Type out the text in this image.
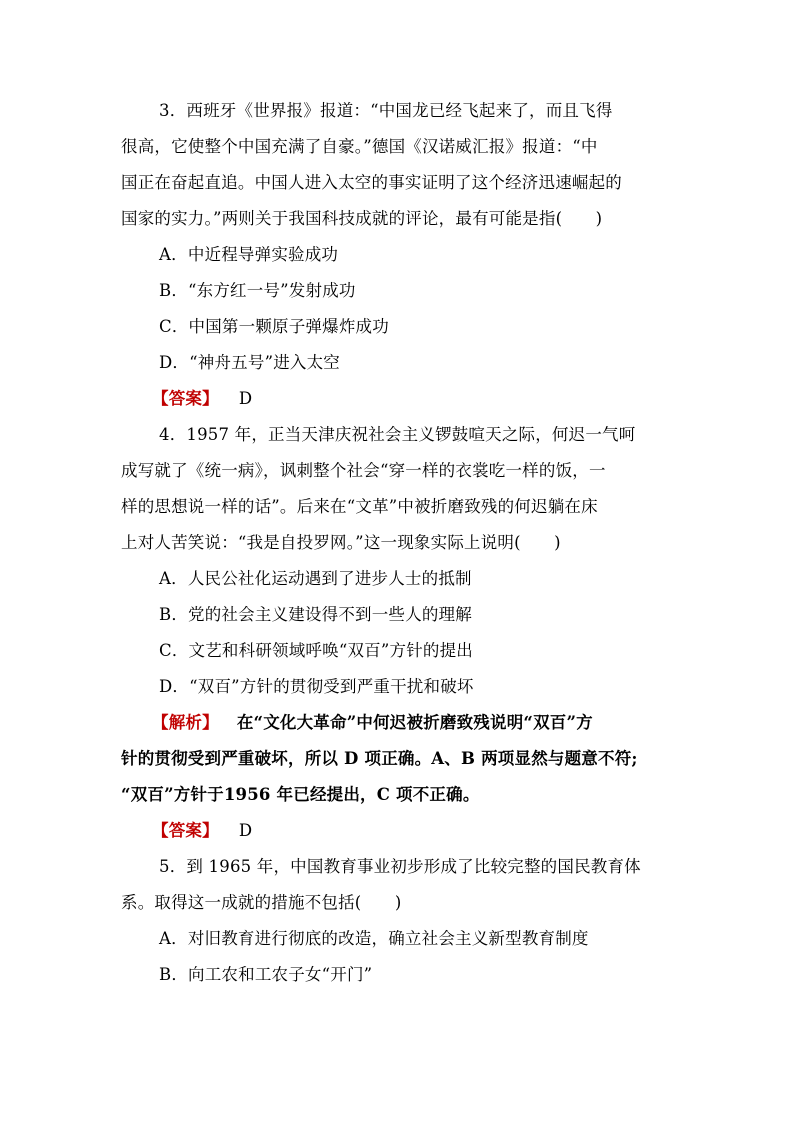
3．西班牙《世界报》报道：“中国龙已经飞起来了，而且飞得
很高，它使整个中国充满了自豪。”德国《汉诺威汇报》报道：“中
国正在奋起直追。中国人进入太空的事实证明了这个经济迅速崛起的
国家的实力。”两则关于我国科技成就的评论，最有可能是指(　　)
A．中近程导弹实验成功
B．“东方红一号”发射成功
C．中国第一颗原子弹爆炸成功
D．“神舟五号”进入太空
【答案】 D
4．1957 年，正当天津庆祝社会主义锣鼓喧天之际，何迟一气呵
成写就了《统一病》，讽刺整个社会“穿一样的衣裳吃一样的饭，一
样的思想说一样的话”。后来在“文革”中被折磨致残的何迟躺在床
上对人苦笑说：“我是自投罗网。”这一现象实际上说明(　　)
A．人民公社化运动遇到了进步人士的抵制
B．党的社会主义建设得不到一些人的理解
C．文艺和科研领域呼唤“双百”方针的提出
D．“双百”方针的贯彻受到严重干扰和破坏
【解析】 在“文化大革命”中何迟被折磨致残说明“双百”方
针的贯彻受到严重破坏，所以 D 项正确。A、B 两项显然与题意不符;
“双百”方针于1956 年已经提出，C 项不正确。
【答案】 D
5．到 1965 年，中国教育事业初步形成了比较完整的国民教育体
系。取得这一成就的措施不包括(　　)
A．对旧教育进行彻底的改造，确立社会主义新型教育制度
B．向工农和工农子女“开门”
